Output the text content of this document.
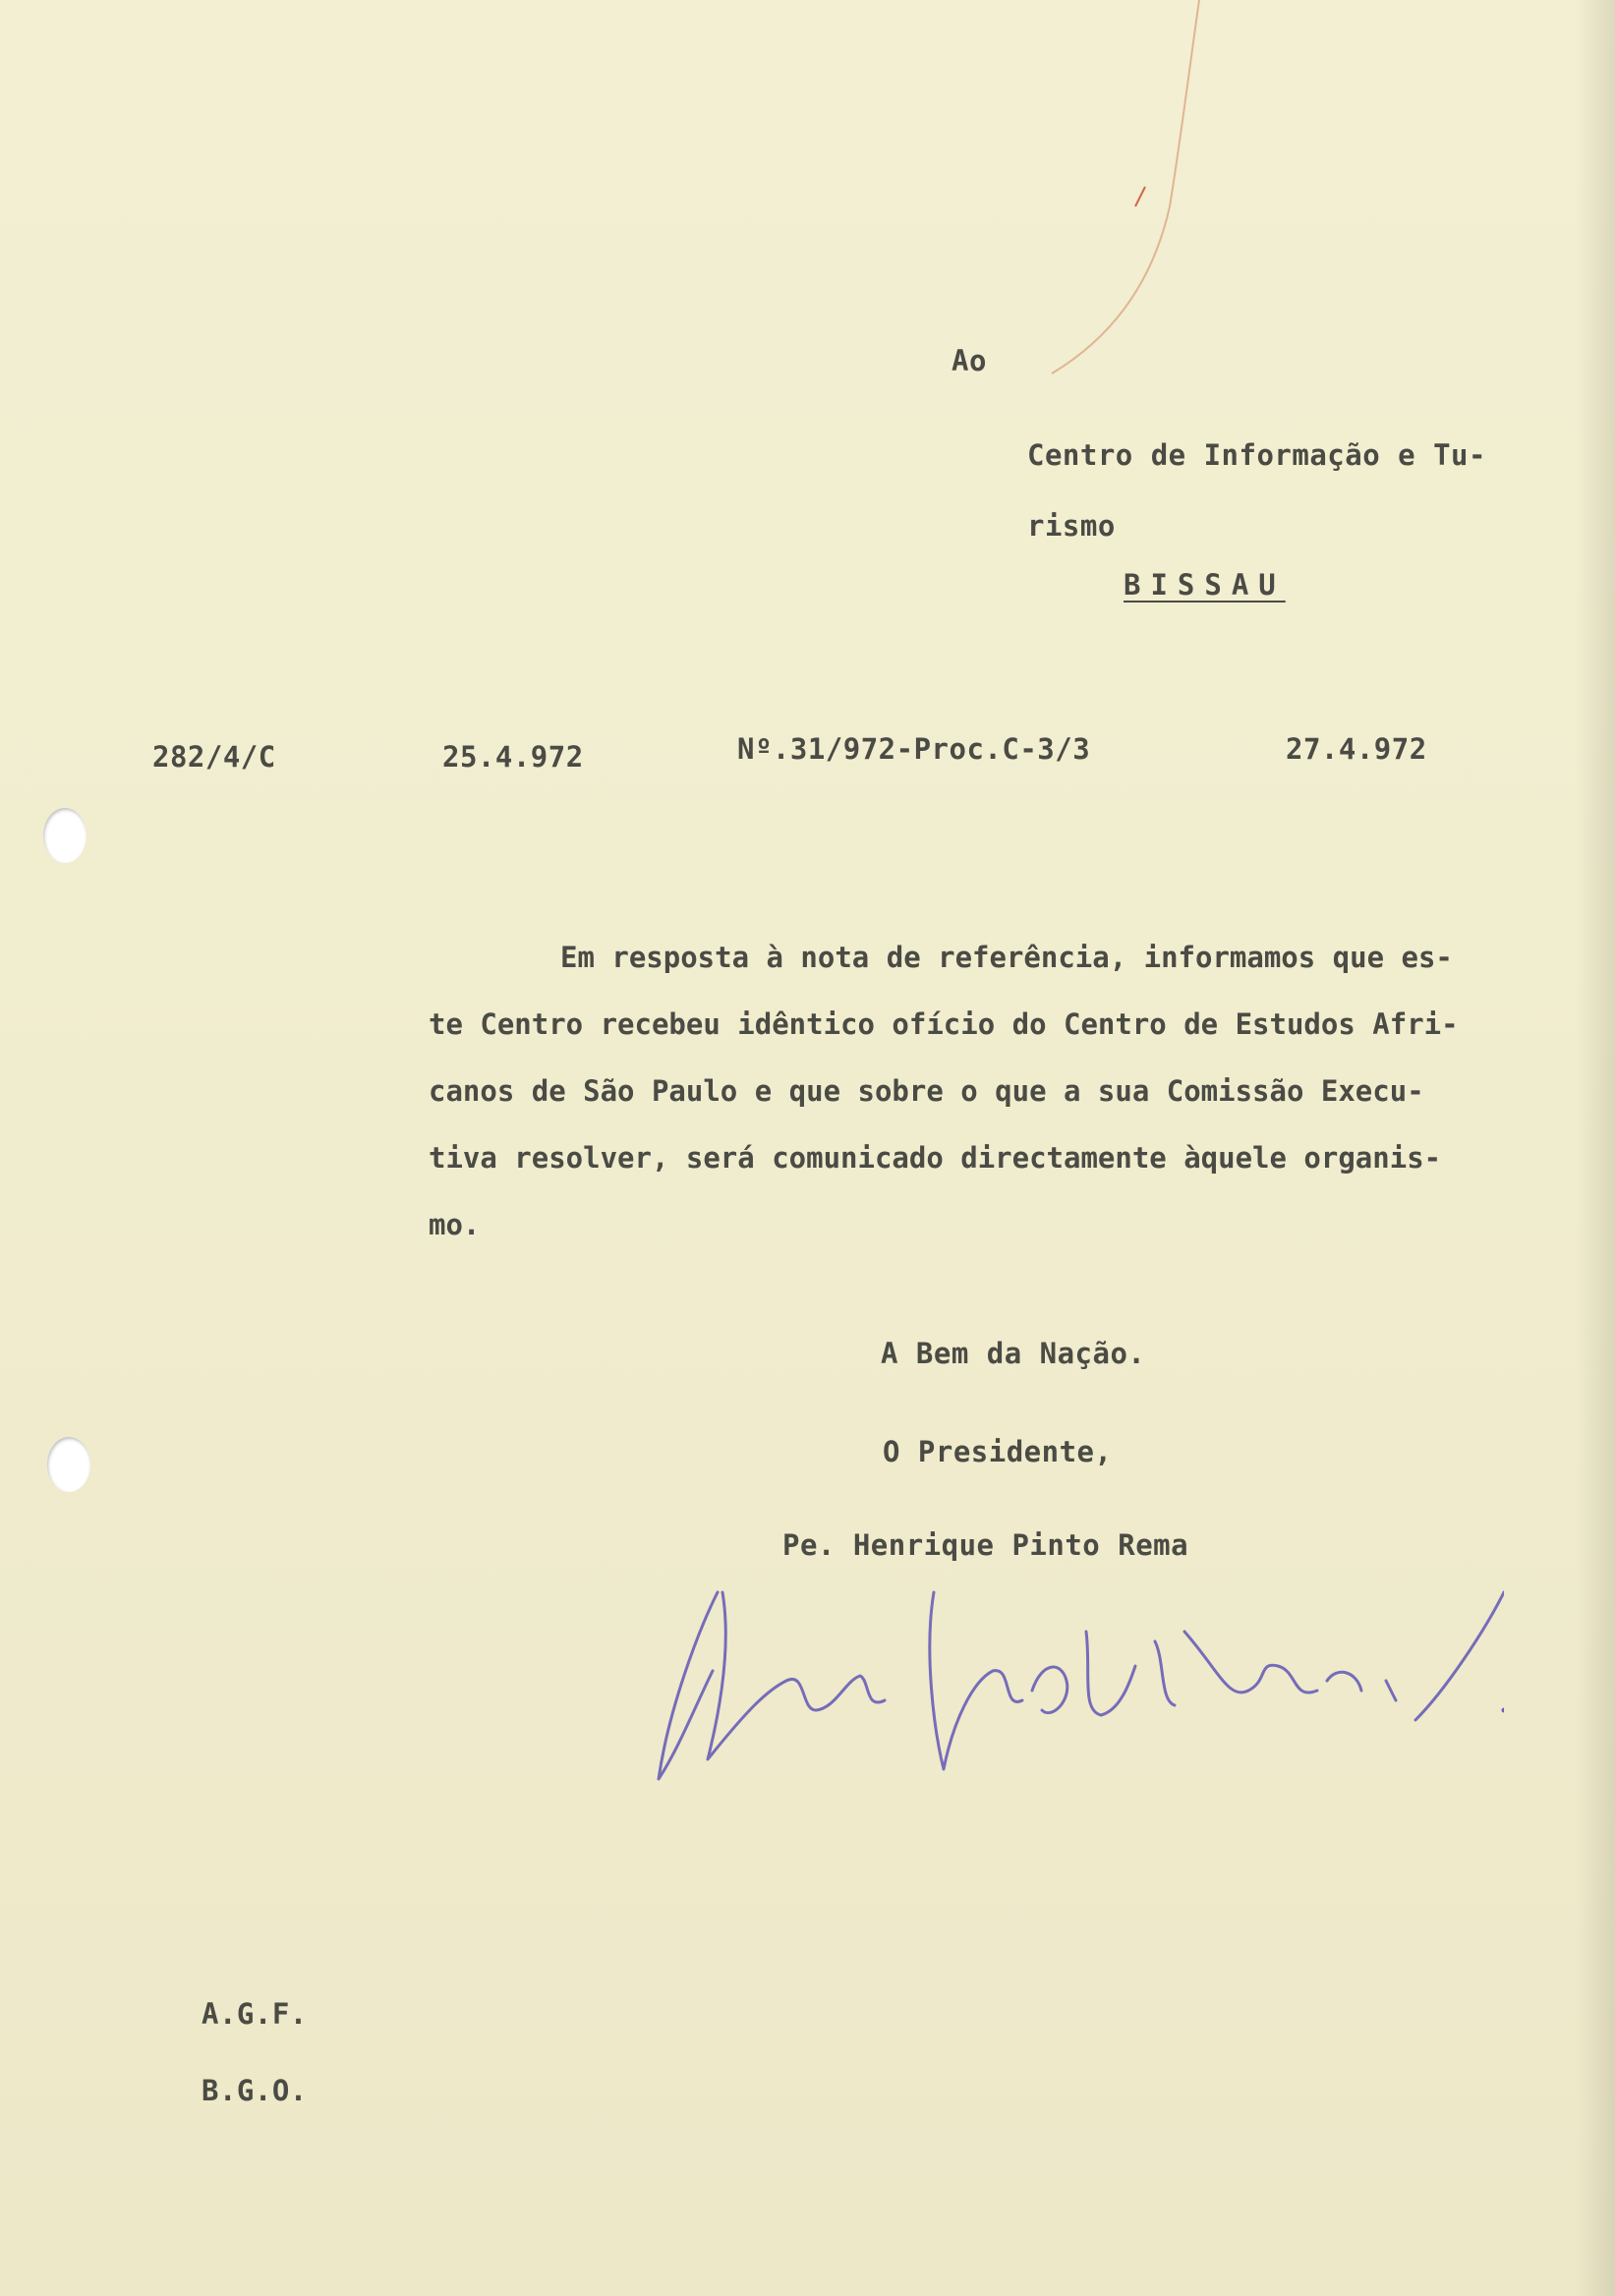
Ao
Centro de Informação e Tu-
rismo
BISSAU
282/4/C	25.4.972	Nº.31/972-Proc.C-3/3	27.4.972
Em resposta à nota de referência, informamos que es-
te Centro recebeu idêntico ofício do Centro de Estudos Afri-
canos de São Paulo e que sobre o que a sua Comissão Execu-
tiva resolver, será comunicado directamente àquele organis-
mo.
A Bem da Nação.
O Presidente,
Pe. Henrique Pinto Rema
A.G.F.
B.G.O.
